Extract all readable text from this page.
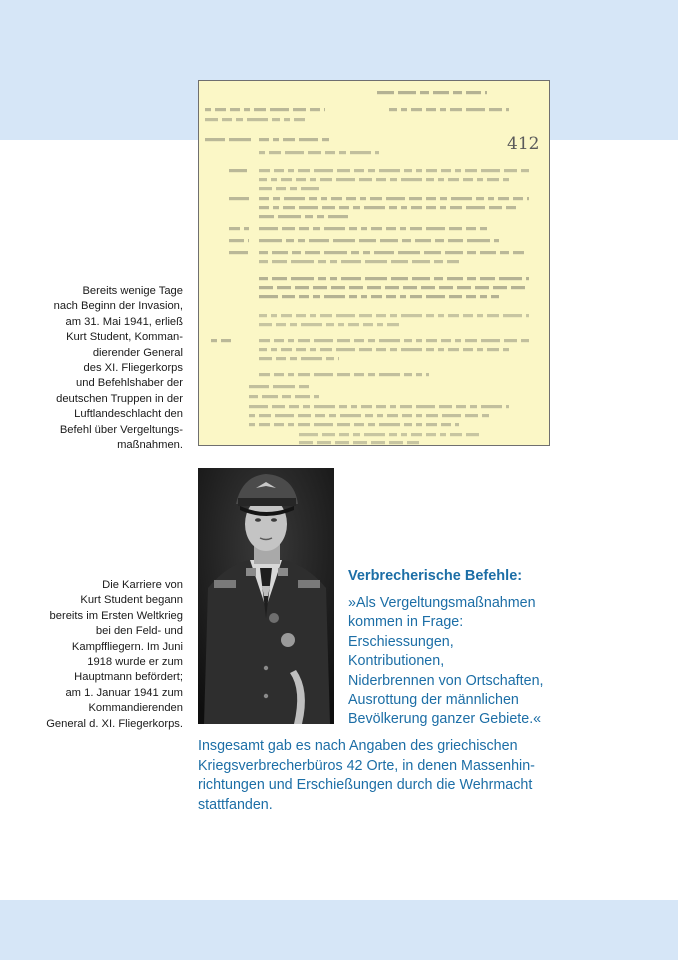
412
Bereits wenige Tage
nach Beginn der Invasion,
am 31. Mai 1941, erließ
Kurt Student, Komman-
dierender General
des XI. Fliegerkorps
und Befehlshaber der
deutschen Truppen in der
Luftlandeschlacht den
Befehl über Vergeltungs-
maßnahmen.
Die Karriere von
Kurt Student begann
bereits im Ersten Weltkrieg
bei den Feld- und
Kampffliegern. Im Juni
1918 wurde er zum
Hauptmann befördert;
am 1. Januar 1941 zum
Kommandierenden
General d. XI. Fliegerkorps.
Verbrecherische Befehle:
»Als Vergeltungsmaßnahmen
kommen in Frage:
Erschiessungen,
Kontributionen,
Niderbrennen von Ortschaften,
Ausrottung der männlichen
Bevölkerung ganzer Gebiete.«
Insgesamt gab es nach Angaben des griechischen
Kriegsverbrecherbüros 42 Orte, in denen Massenhin-
richtungen und Erschießungen durch die Wehrmacht
stattfanden.
